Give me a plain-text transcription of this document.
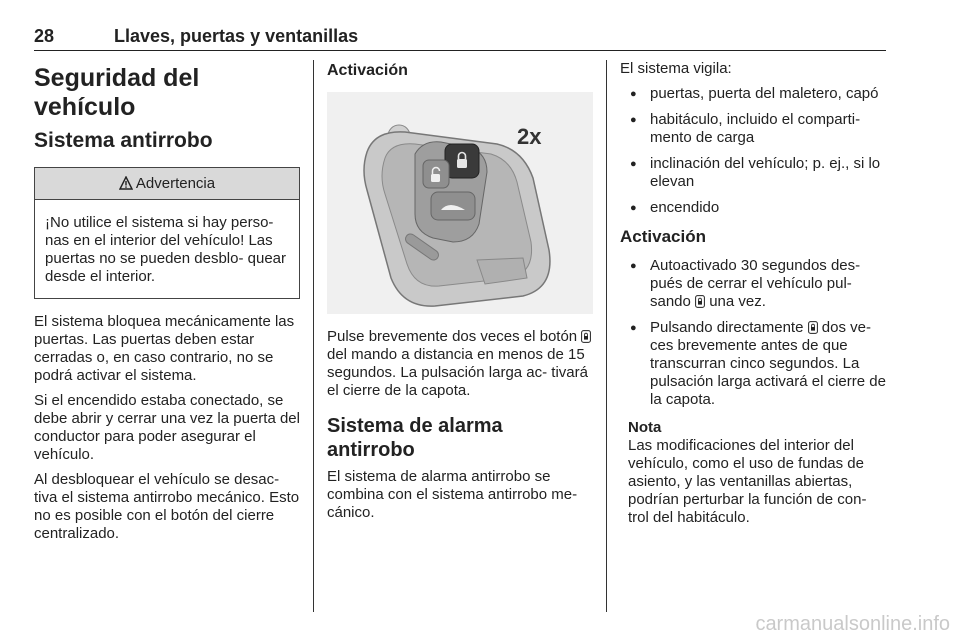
28	Llaves, puertas y ventanillas
Seguridad del vehículo
Sistema antirrobo
Advertencia

¡No utilice el sistema si hay perso- nas en el interior del vehículo! Las puertas no se pueden desblo- quear desde el interior.

El sistema bloquea mecánicamente las puertas. Las puertas deben estar cerradas o, en caso contrario, no se podrá activar el sistema.

Si el encendido estaba conectado, se debe abrir y cerrar una vez la puerta del conductor para poder asegurar el vehículo.

Al desbloquear el vehículo se desac- tiva el sistema antirrobo mecánico. Esto no es posible con el botón del cierre centralizado.

Activación
2x

Pulse brevemente dos veces el botón  del mando a distancia en menos de 15 segundos. La pulsación larga ac- tivará el cierre de la capota.

Sistema de alarma antirrobo

El sistema de alarma antirrobo se combina con el sistema antirrobo me- cánico.

El sistema vigila:

● puertas, puerta del maletero, capó
● habitáculo, incluido el comparti- mento de carga
● inclinación del vehículo; p. ej., si lo elevan
● encendido
Activación
● Autoactivado 30 segundos des- pués de cerrar el vehículo pul- sando una vez.
● Pulsando directamente dos ve- ces brevemente antes de que transcurran cinco segundos. La pulsación larga activará el cierre de la capota.
Nota

Las modificaciones del interior del vehículo, como el uso de fundas de asiento, y las ventanillas abiertas, podrían perturbar la función de con- trol del habitáculo.

carmanualsonline.info
